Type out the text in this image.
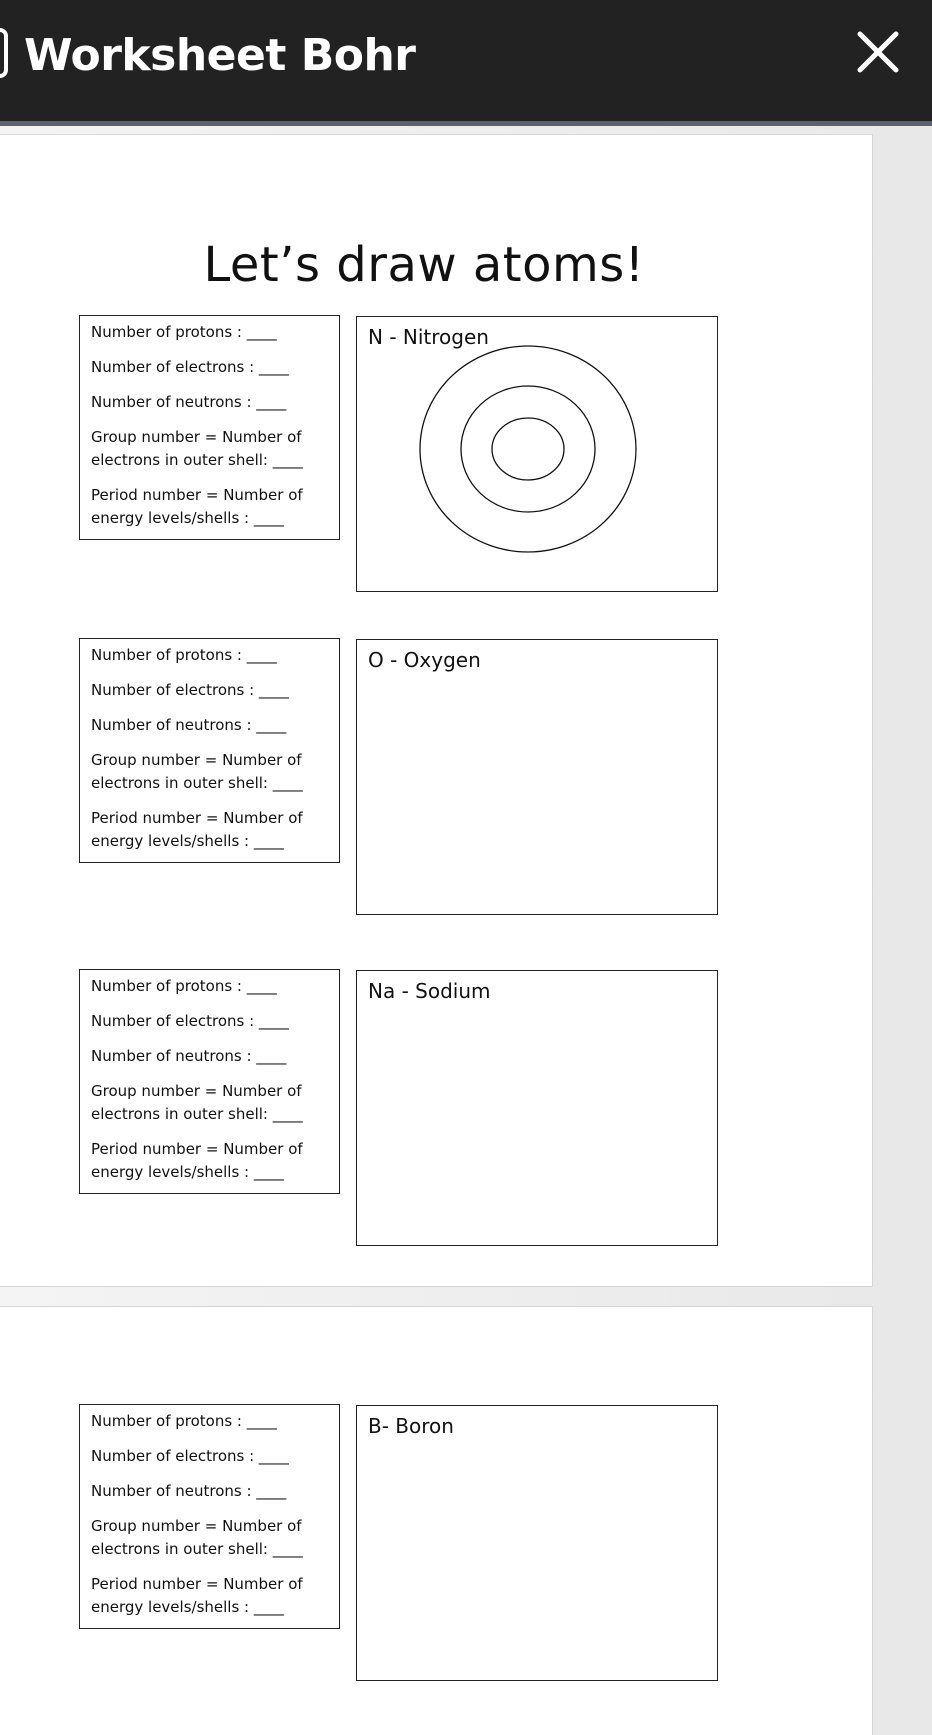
Worksheet Bohr
Let’s draw atoms!
Number of protons : ____
Number of electrons : ____
Number of neutrons : ____
Group number = Number of
electrons in outer shell: ____
Period number = Number of
energy levels/shells : ____
N - Nitrogen
Number of protons : ____
Number of electrons : ____
Number of neutrons : ____
Group number = Number of
electrons in outer shell: ____
Period number = Number of
energy levels/shells : ____
O - Oxygen
Number of protons : ____
Number of electrons : ____
Number of neutrons : ____
Group number = Number of
electrons in outer shell: ____
Period number = Number of
energy levels/shells : ____
Na - Sodium
Number of protons : ____
Number of electrons : ____
Number of neutrons : ____
Group number = Number of
electrons in outer shell: ____
Period number = Number of
energy levels/shells : ____
B- Boron
